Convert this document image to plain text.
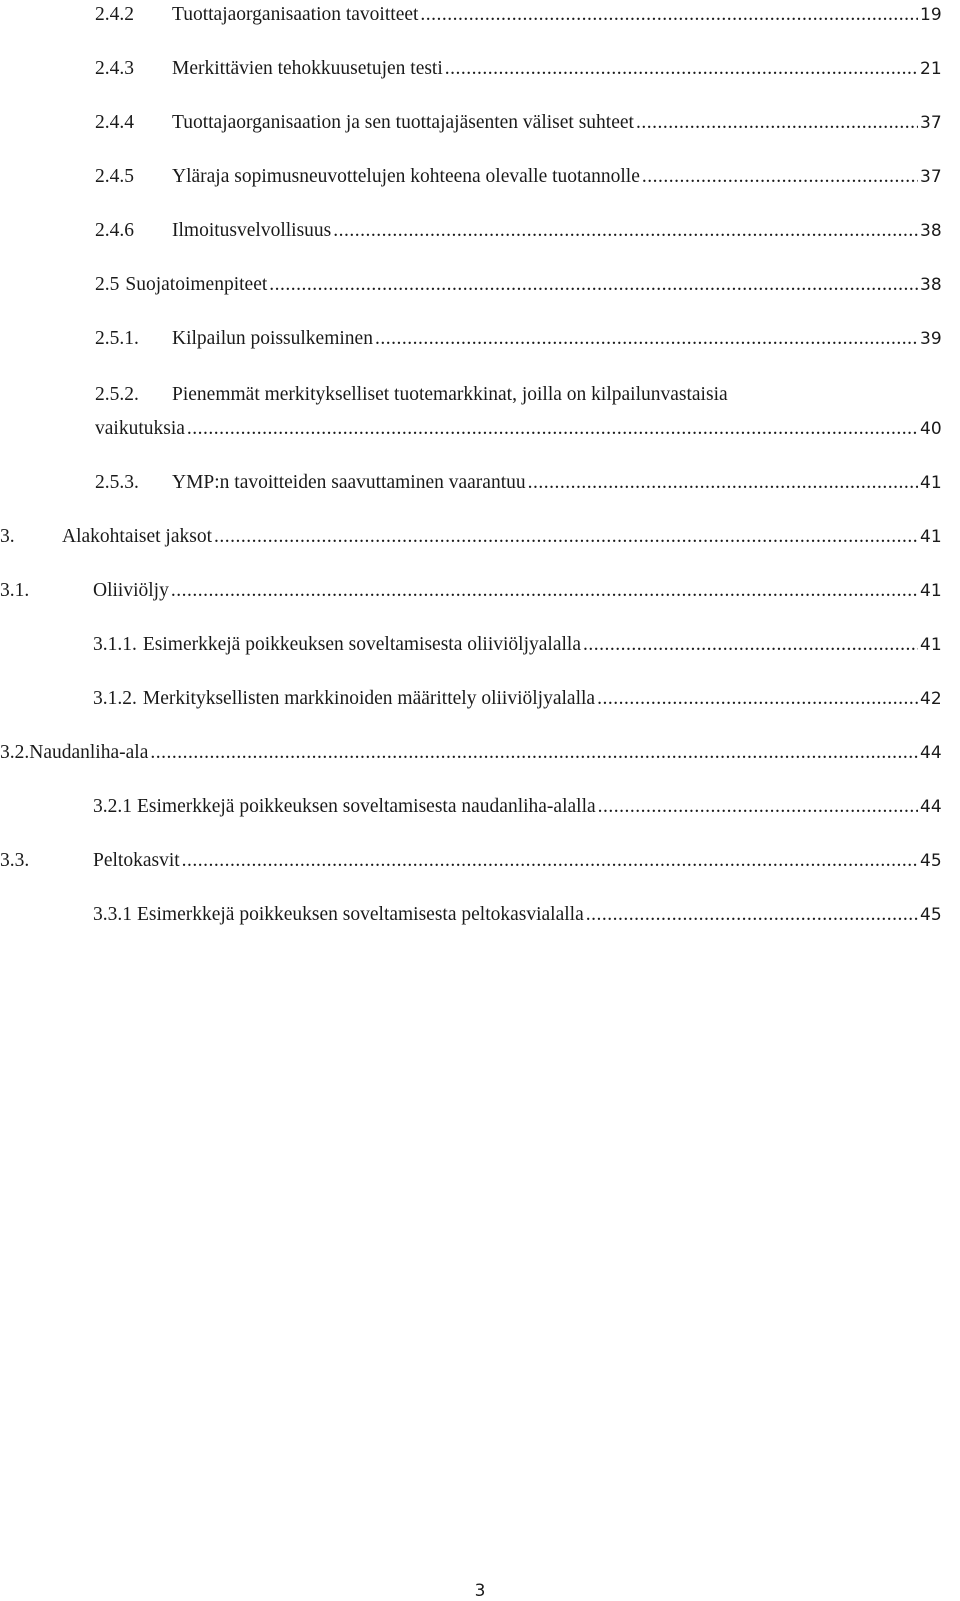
2.4.2 Tuottajaorganisaation tavoitteet .....	19
2.4.3 Merkittävien tehokkuusetujen testi .....	21
2.4.4 Tuottajaorganisaation ja sen tuottajajäsenten väliset suhteet .....	37
2.4.5 Yläraja sopimusneuvottelujen kohteena olevalle tuotannolle .....	37
2.4.6 Ilmoitusvelvollisuus .....	38
2.5 Suojatoimenpiteet .....	38
2.5.1. Kilpailun poissulkeminen .....	39
2.5.2. Pienemmät merkitykselliset tuotemarkkinat, joilla on kilpailunvastaisia
vaikutuksia .....	40
2.5.3. YMP:n tavoitteiden saavuttaminen vaarantuu .....	41
3. Alakohtaiset jaksot .....	41
3.1.	Oliiviöljy .....	41
3.1.1. Esimerkkejä poikkeuksen soveltamisesta oliiviöljyalalla .....	41
3.1.2. Merkityksellisten markkinoiden määrittely oliiviöljyalalla .....	42
3.2. Naudanliha-ala .....	44
3.2.1 Esimerkkejä poikkeuksen soveltamisesta naudanliha-alalla .....	44
3.3.	Peltokasvit .....	45
3.3.1 Esimerkkejä poikkeuksen soveltamisesta peltokasvialalla .....	45
3
